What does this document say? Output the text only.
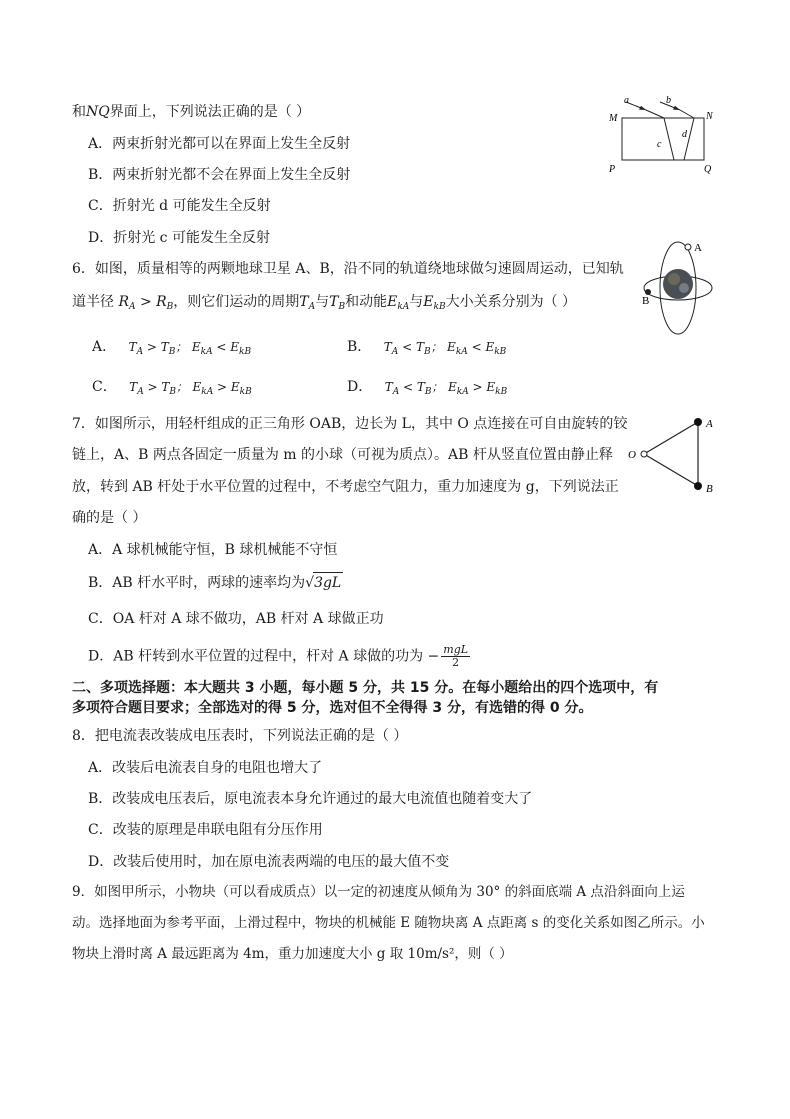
和NQ界面上，下列说法正确的是（ ）
A．两束折射光都可以在界面上发生全反射
B．两束折射光都不会在界面上发生全反射
C．折射光 d 可能发生全反射
D．折射光 c 可能发生全反射
a	b
M	N
c
d
P	Q
6．如图，质量相等的两颗地球卫星 A、B，沿不同的轨道绕地球做匀速圆周运动，已知轨
道半径 $R_A > R_B$，则它们运动的周期$T_A$与$T_B$和动能$E_{kA}$与$E_{kB}$大小关系分别为（ ）
A． $T_A > T_B$； $E_{kA} < E_{kB}$	B． $T_A < T_B$； $E_{kA} < E_{kB}$
C． $T_A > T_B$； $E_{kA} > E_{kB}$	D． $T_A < T_B$； $E_{kA} > E_{kB}$
A
B
7．如图所示，用轻杆组成的正三角形 OAB，边长为 L，其中 O 点连接在可自由旋转的铰
链上，A、B 两点各固定一质量为 m 的小球（可视为质点）。AB 杆从竖直位置由静止释
放，转到 AB 杆处于水平位置的过程中，不考虑空气阻力，重力加速度为 g，下列说法正
确的是（ ）
A．A 球机械能守恒，B 球机械能不守恒
B．AB 杆水平时，两球的速率均为√3gL
C．OA 杆对 A 球不做功，AB 杆对 A 球做正功
D．AB 杆转到水平位置的过程中，杆对 A 球做的功为 − $\frac{\text{mgL}}{2}$
A
O
B
二、多项选择题：本大题共 3 小题，每小题 5 分，共 15 分。在每小题给出的四个选项中，有
多项符合题目要求；全部选对的得 5 分，选对但不全得得 3 分，有选错的得 0 分。
8．把电流表改装成电压表时，下列说法正确的是（ ）
A．改装后电流表自身的电阻也增大了
B．改装成电压表后，原电流表本身允许通过的最大电流值也随着变大了
C．改装的原理是串联电阻有分压作用
D．改装后使用时，加在原电流表两端的电压的最大值不变
9．如图甲所示，小物块（可以看成质点）以一定的初速度从倾角为 30° 的斜面底端 A 点沿斜面向上运
动。选择地面为参考平面，上滑过程中，物块的机械能 E 随物块离 A 点距离 s 的变化关系如图乙所示。小
物块上滑时离 A 最远距离为 4m，重力加速度大小 g 取 10m/s²，则（ ）
